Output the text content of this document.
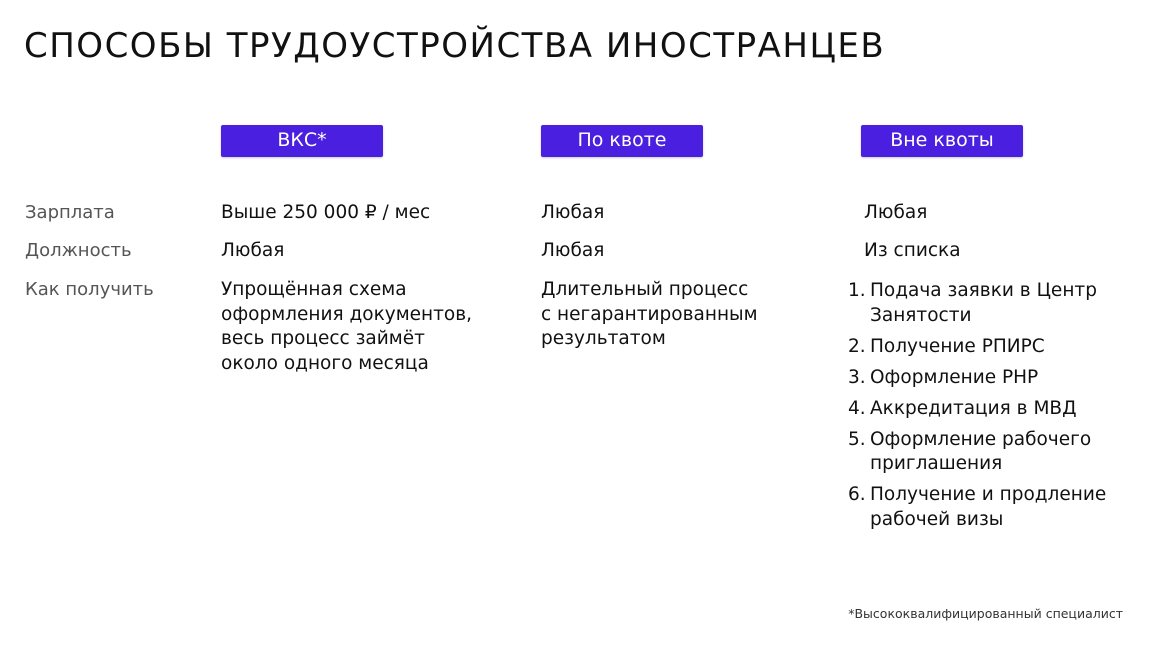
СПОСОБЫ ТРУДОУСТРОЙСТВА ИНОСТРАНЦЕВ
ВКС*	По квоте	Вне квоты
Зарплата
Должность
Как получить
Выше 250 000 ₽ / мес
Любая
Упрощённая схема
оформления документов,
весь процесс займёт
около одного месяца
Любая
Любая
Длительный процесс
с негарантированным
результатом
Любая
Из списка
1. Подача заявки в Центр
Занятости
2. Получение РПИРС
3. Оформление РНР
4. Аккредитация в МВД
5. Оформление рабочего
приглашения
6. Получение и продление
рабочей визы
*Высококвалифицированный специалист
